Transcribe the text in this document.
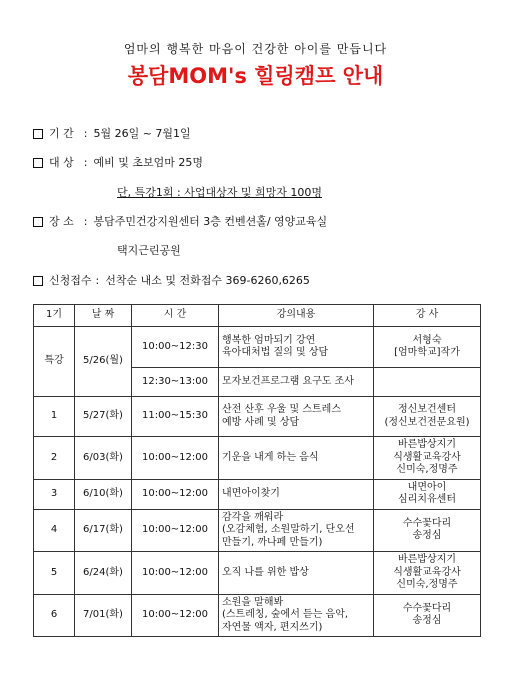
엄마의 행복한 마음이 건강한 아이를 만듭니다
봉담MOM's 힐링캠프 안내
기 간 : 5월 26일 ~ 7월1일
대 상 : 예비 및 초보엄마 25명
단, 특강1회 : 사업대상자 및 희망자 100명
장 소 : 봉담주민건강지원센터 3층 컨벤션홀/ 영양교육실
택지근린공원
신청접수 : 선착순 내소 및 전화접수 369-6260,6265
1기	날 짜	시 간	강의내용	강 사
특강	5/26(월)	10:00~12:30	행복한 엄마되기 강연
육아대처법 질의 및 상담	서형숙
[엄마학교]작가

		12:30~13:00	모자보건프로그램 요구도 조사	

1	5/27(화)	11:00~15:30	산전 산후 우울 및 스트레스
예방 사례 및 상담	정신보건센터
(정신보건전문요원)

2	6/03(화)	10:00~12:00	기운을 내게 하는 음식	바른밥상지기
식생활교육강사
신미숙,정명주

3	6/10(화)	10:00~12:00	내면아이찾기	내면아이
심리치유센터

4	6/17(화)	10:00~12:00	감각을 깨워라
(오감체험, 소원말하기, 단오선
만들기, 까나페 만들기)	수수꽃다리
송정심

5	6/24(화)	10:00~12:00	오직 나를 위한 밥상	바른밥상지기
식생활교육강사
신미숙,정명주

6	7/01(화)	10:00~12:00	소원을 말해봐
(스트레칭, 숲에서 듣는 음악,
자연물 액자, 편지쓰기)	수수꽃다리
송정심
